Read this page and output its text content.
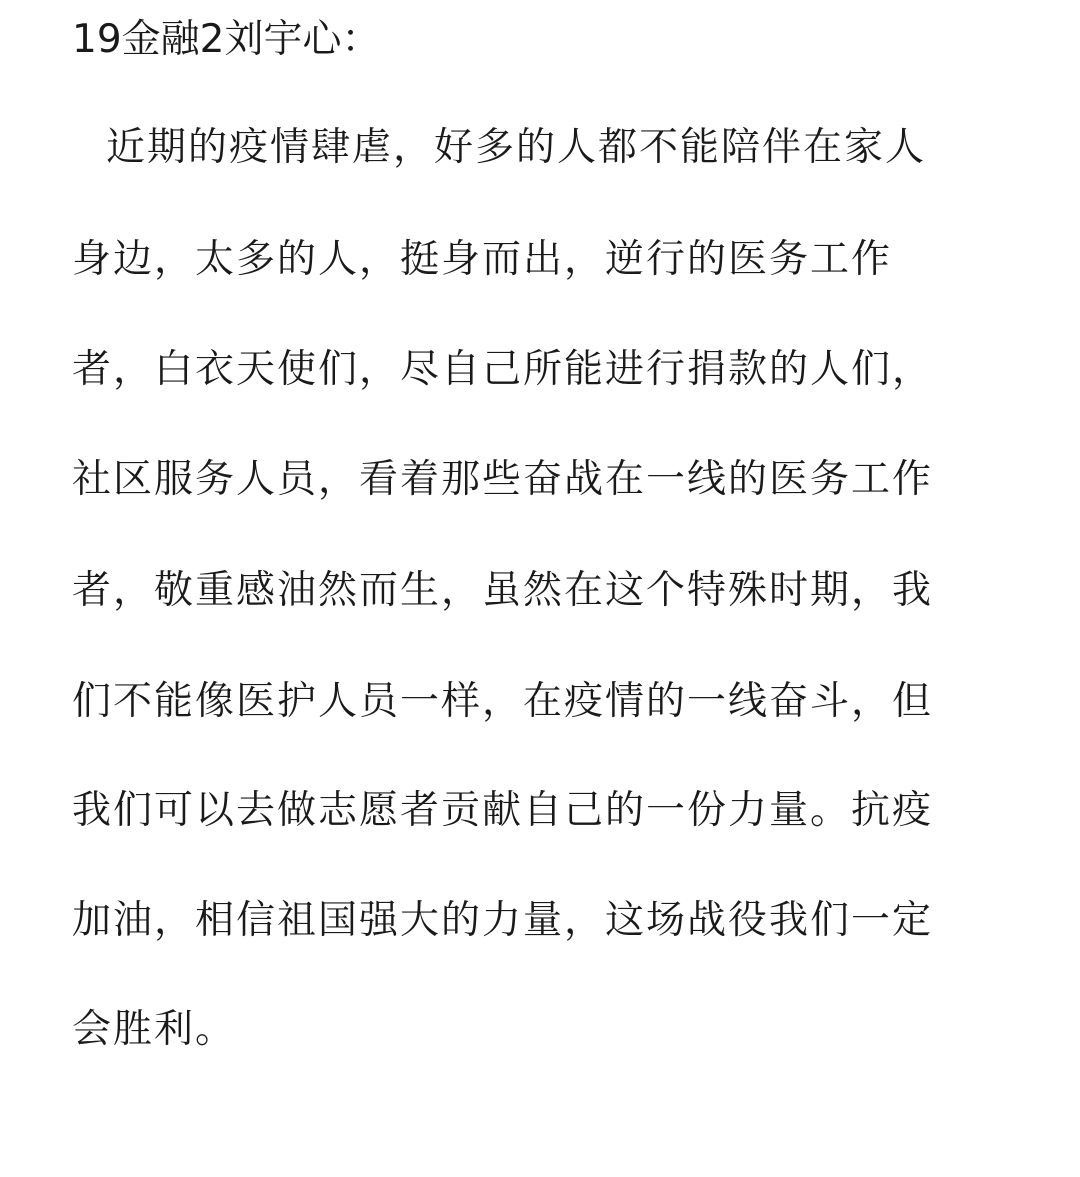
19金融2刘宇心：
近期的疫情肆虐，好多的人都不能陪伴在家人
身边，太多的人，挺身而出，逆行的医务工作
者，白衣天使们，尽自己所能进行捐款的人们，
社区服务人员，看着那些奋战在一线的医务工作
者，敬重感油然而生，虽然在这个特殊时期，我
们不能像医护人员一样，在疫情的一线奋斗，但
我们可以去做志愿者贡献自己的一份力量。抗疫
加油，相信祖国强大的力量，这场战役我们一定
会胜利。
